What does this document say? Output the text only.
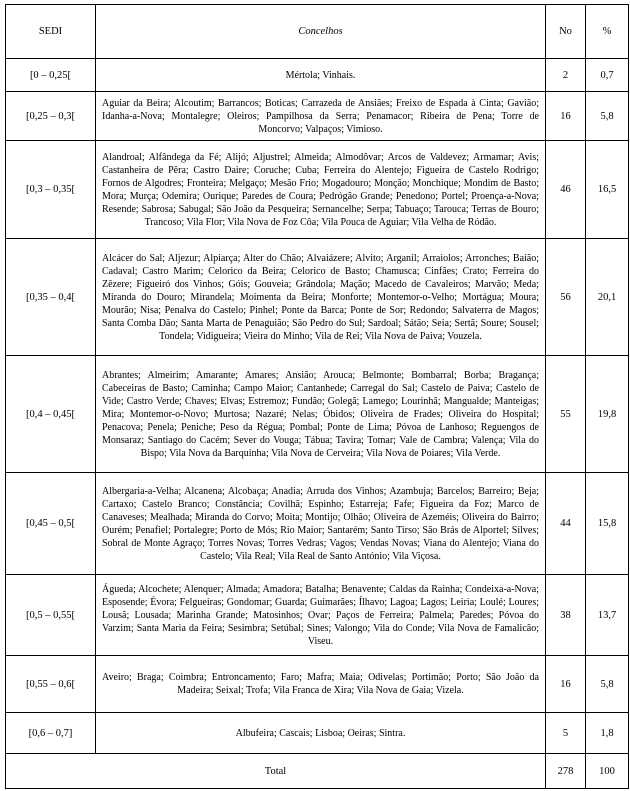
SEDI	Concelhos	No	%
[0 – 0,25[	Mértola; Vinhais.	2	0,7
[0,25 – 0,3[	Aguiar da Beira; Alcoutim; Barrancos; Boticas; Carrazeda de Ansiães; Freixo de Espada à Cinta; Gavião; Idanha-a-Nova; Montalegre; Oleiros; Pampilhosa da Serra; Penamacor; Ribeira de Pena; Torre de Moncorvo; Valpaços; Vimioso.	16	5,8
[0,3 – 0,35[	Alandroal; Alfândega da Fé; Alijó; Aljustrel; Almeida; Almodôvar; Arcos de Valdevez; Armamar; Avis; Castanheira de Pêra; Castro Daire; Coruche; Cuba; Ferreira do Alentejo; Figueira de Castelo Rodrigo; Fornos de Algodres; Fronteira; Melgaço; Mesão Frio; Mogadouro; Monção; Monchique; Mondim de Basto; Mora; Murça; Odemira; Ourique; Paredes de Coura; Pedrógão Grande; Penedono; Portel; Proença-a-Nova; Resende; Sabrosa; Sabugal; São João da Pesqueira; Sernancelhe; Serpa; Tabuaço; Tarouca; Terras de Bouro; Trancoso; Vila Flor; Vila Nova de Foz Côa; Vila Pouca de Aguiar; Vila Velha de Ródão.	46	16,5
[0,35 – 0,4[	Alcácer do Sal; Aljezur; Alpiarça; Alter do Chão; Alvaiázere; Alvito; Arganil; Arraiolos; Arronches; Baião; Cadaval; Castro Marim; Celorico da Beira; Celorico de Basto; Chamusca; Cinfães; Crato; Ferreira do Zêzere; Figueiró dos Vinhos; Góis; Gouveia; Grândola; Mação; Macedo de Cavaleiros; Marvão; Meda; Miranda do Douro; Mirandela; Moimenta da Beira; Monforte; Montemor-o-Velho; Mortágua; Moura; Mourão; Nisa; Penalva do Castelo; Pinhel; Ponte da Barca; Ponte de Sor; Redondo; Salvaterra de Magos; Santa Comba Dão; Santa Marta de Penaguião; São Pedro do Sul; Sardoal; Sátão; Seia; Sertã; Soure; Sousel; Tondela; Vidigueira; Vieira do Minho; Vila de Rei; Vila Nova de Paiva; Vouzela.	56	20,1
[0,4 – 0,45[	Abrantes; Almeirim; Amarante; Amares; Ansião; Arouca; Belmonte; Bombarral; Borba; Bragança; Cabeceiras de Basto; Caminha; Campo Maior; Cantanhede; Carregal do Sal; Castelo de Paiva; Castelo de Vide; Castro Verde; Chaves; Elvas; Estremoz; Fundão; Golegã; Lamego; Lourinhã; Mangualde; Manteigas; Mira; Montemor-o-Novo; Murtosa; Nazaré; Nelas; Óbidos; Oliveira de Frades; Oliveira do Hospital; Penacova; Penela; Peniche; Peso da Régua; Pombal; Ponte de Lima; Póvoa de Lanhoso; Reguengos de Monsaraz; Santiago do Cacém; Sever do Vouga; Tábua; Tavira; Tomar; Vale de Cambra; Valença; Vila do Bispo; Vila Nova da Barquinha; Vila Nova de Cerveira; Vila Nova de Poiares; Vila Verde.	55	19,8
[0,45 – 0,5[	Albergaria-a-Velha; Alcanena; Alcobaça; Anadia; Arruda dos Vinhos; Azambuja; Barcelos; Barreiro; Beja; Cartaxo; Castelo Branco; Constância; Covilhã; Espinho; Estarreja; Fafe; Figueira da Foz; Marco de Canaveses; Mealhada; Miranda do Corvo; Moita; Montijo; Olhão; Oliveira de Azeméis; Oliveira do Bairro; Ourém; Penafiel; Portalegre; Porto de Mós; Rio Maior; Santarém; Santo Tirso; São Brás de Alportel; Silves; Sobral de Monte Agraço; Torres Novas; Torres Vedras; Vagos; Vendas Novas; Viana do Alentejo; Viana do Castelo; Vila Real; Vila Real de Santo António; Vila Viçosa.	44	15,8
[0,5 – 0,55[	Águeda; Alcochete; Alenquer; Almada; Amadora; Batalha; Benavente; Caldas da Rainha; Condeixa-a-Nova; Esposende; Évora; Felgueiras; Gondomar; Guarda; Guimarães; Ílhavo; Lagoa; Lagos; Leiria; Loulé; Loures; Lousã; Lousada; Marinha Grande; Matosinhos; Ovar; Paços de Ferreira; Palmela; Paredes; Póvoa do Varzim; Santa Maria da Feira; Sesimbra; Setúbal; Sines; Valongo; Vila do Conde; Vila Nova de Famalicão; Viseu.	38	13,7
[0,55 – 0,6[	Aveiro; Braga; Coimbra; Entroncamento; Faro; Mafra; Maia; Odivelas; Portimão; Porto; São João da Madeira; Seixal; Trofa; Vila Franca de Xira; Vila Nova de Gaia; Vizela.	16	5,8
[0,6 – 0,7]	Albufeira; Cascais; Lisboa; Oeiras; Sintra.	5	1,8
Total		278	100
